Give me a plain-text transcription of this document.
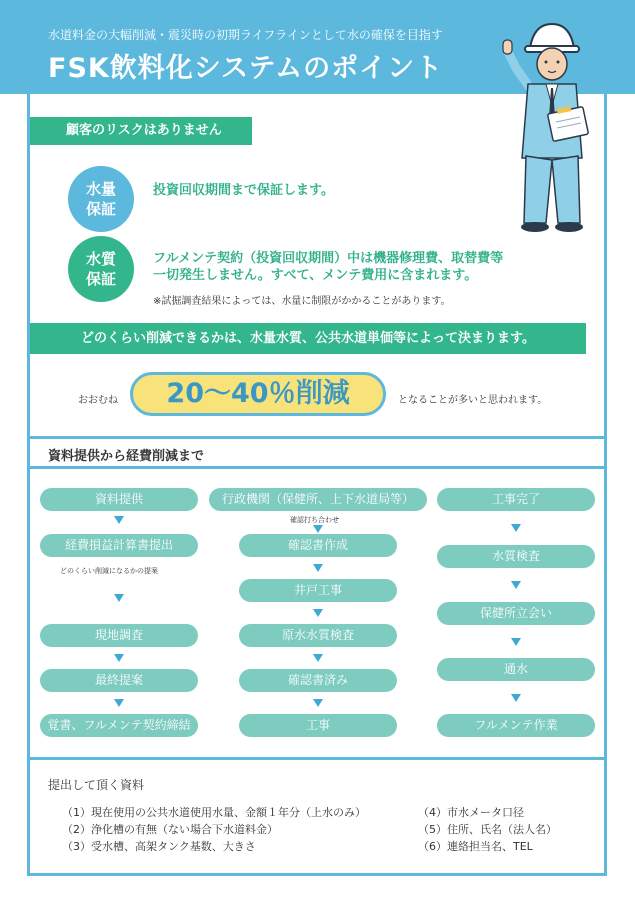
水道料金の大幅削減・震災時の初期ライフラインとして水の確保を目指す
FSK飲料化システムのポイント
顧客のリスクはありません
水量
保証
投資回収期間まで保証します。
水質
保証
フルメンテ契約（投資回収期間）中は機器修理費、取替費等
一切発生しません。すべて、メンテ費用に含まれます。
※試掘調査結果によっては、水量に制限がかかることがあります。
どのくらい削減できるかは、水量水質、公共水道単価等によって決まります。
おおむね	20～40％削減	となることが多いと思われます。
資料提供から経費削減まで
資料提供
経費損益計算書提出
どのくらい削減になるかの提案
現地調査
最終提案
覚書、フルメンテ契約締結
行政機関（保健所、上下水道局等）
確認打ち合わせ
確認書作成
井戸工事
原水水質検査
確認書済み
工事
工事完了
水質検査
保健所立会い
通水
フルメンテ作業
提出して頂く資料
（1）現在使用の公共水道使用水量、金額１年分（上水のみ）
（2）浄化槽の有無（ない場合下水道料金）
（3）受水槽、高架タンク基数、大きさ
（4）市水メータ口径
（5）住所、氏名（法人名）
（6）連絡担当名、TEL
